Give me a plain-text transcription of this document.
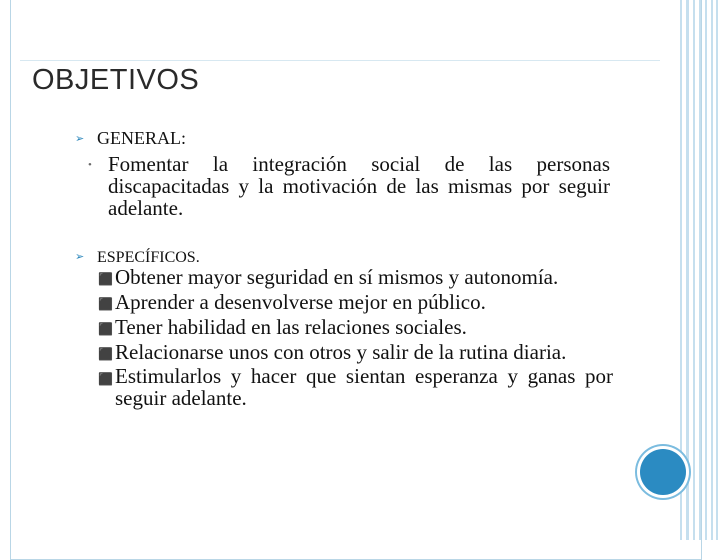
OBJETIVOS
➢ GENERAL:
• Fomentar la integración social de las personas discapacitadas y la motivación de las mismas por seguir adelante.
➢ ESPECÍFICOS.
⬛ Obtener mayor seguridad en sí mismos y autonomía.
⬛ Aprender a desenvolverse mejor en público.
⬛ Tener habilidad en las relaciones sociales.
⬛ Relacionarse unos con otros y salir de la rutina diaria.
⬛ Estimularlos y hacer que sientan esperanza y ganas por seguir adelante.
